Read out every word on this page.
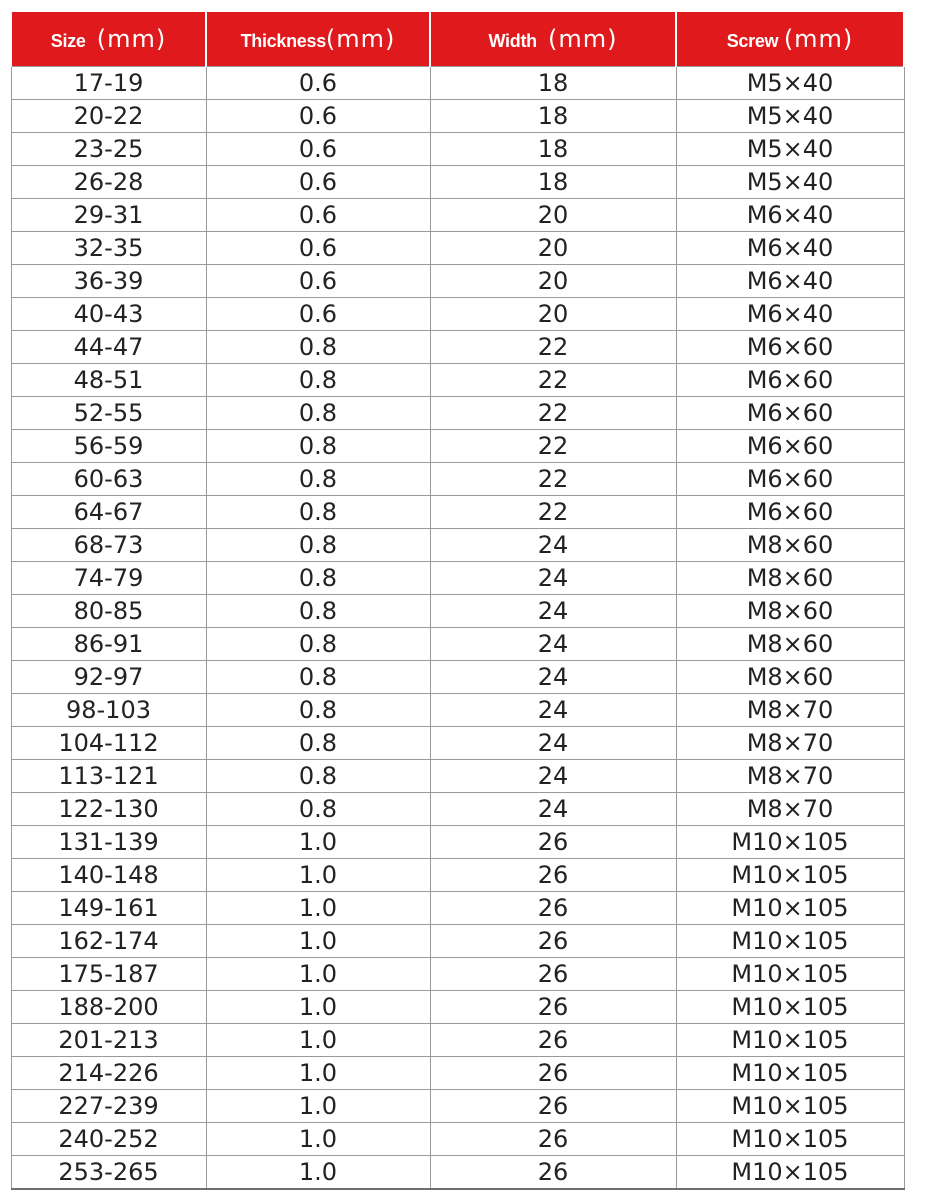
Size (mm)	Thickness(mm)	Width (mm)	Screw (mm)
17-19	0.6	18	M5×40
20-22	0.6	18	M5×40
23-25	0.6	18	M5×40
26-28	0.6	18	M5×40
29-31	0.6	20	M6×40
32-35	0.6	20	M6×40
36-39	0.6	20	M6×40
40-43	0.6	20	M6×40
44-47	0.8	22	M6×60
48-51	0.8	22	M6×60
52-55	0.8	22	M6×60
56-59	0.8	22	M6×60
60-63	0.8	22	M6×60
64-67	0.8	22	M6×60
68-73	0.8	24	M8×60
74-79	0.8	24	M8×60
80-85	0.8	24	M8×60
86-91	0.8	24	M8×60
92-97	0.8	24	M8×60
98-103	0.8	24	M8×70
104-112	0.8	24	M8×70
113-121	0.8	24	M8×70
122-130	0.8	24	M8×70
131-139	1.0	26	M10×105
140-148	1.0	26	M10×105
149-161	1.0	26	M10×105
162-174	1.0	26	M10×105
175-187	1.0	26	M10×105
188-200	1.0	26	M10×105
201-213	1.0	26	M10×105
214-226	1.0	26	M10×105
227-239	1.0	26	M10×105
240-252	1.0	26	M10×105
253-265	1.0	26	M10×105
